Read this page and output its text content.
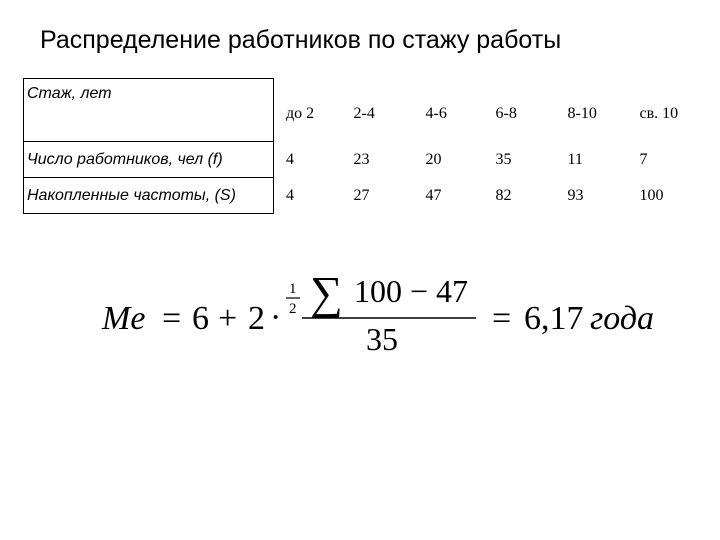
Распределение работников по стажу работы
Стаж, лет	до 2	2-4	4-6	6-8	8-10	св. 10
Число работников, чел (f)	4	23	20	35	11	7
Накопленные частоты, (S)	4	27	47	82	93	100
Me = 6 + 2 ·
1
2 ∑ 100 − 47
35
= 6,17 года
